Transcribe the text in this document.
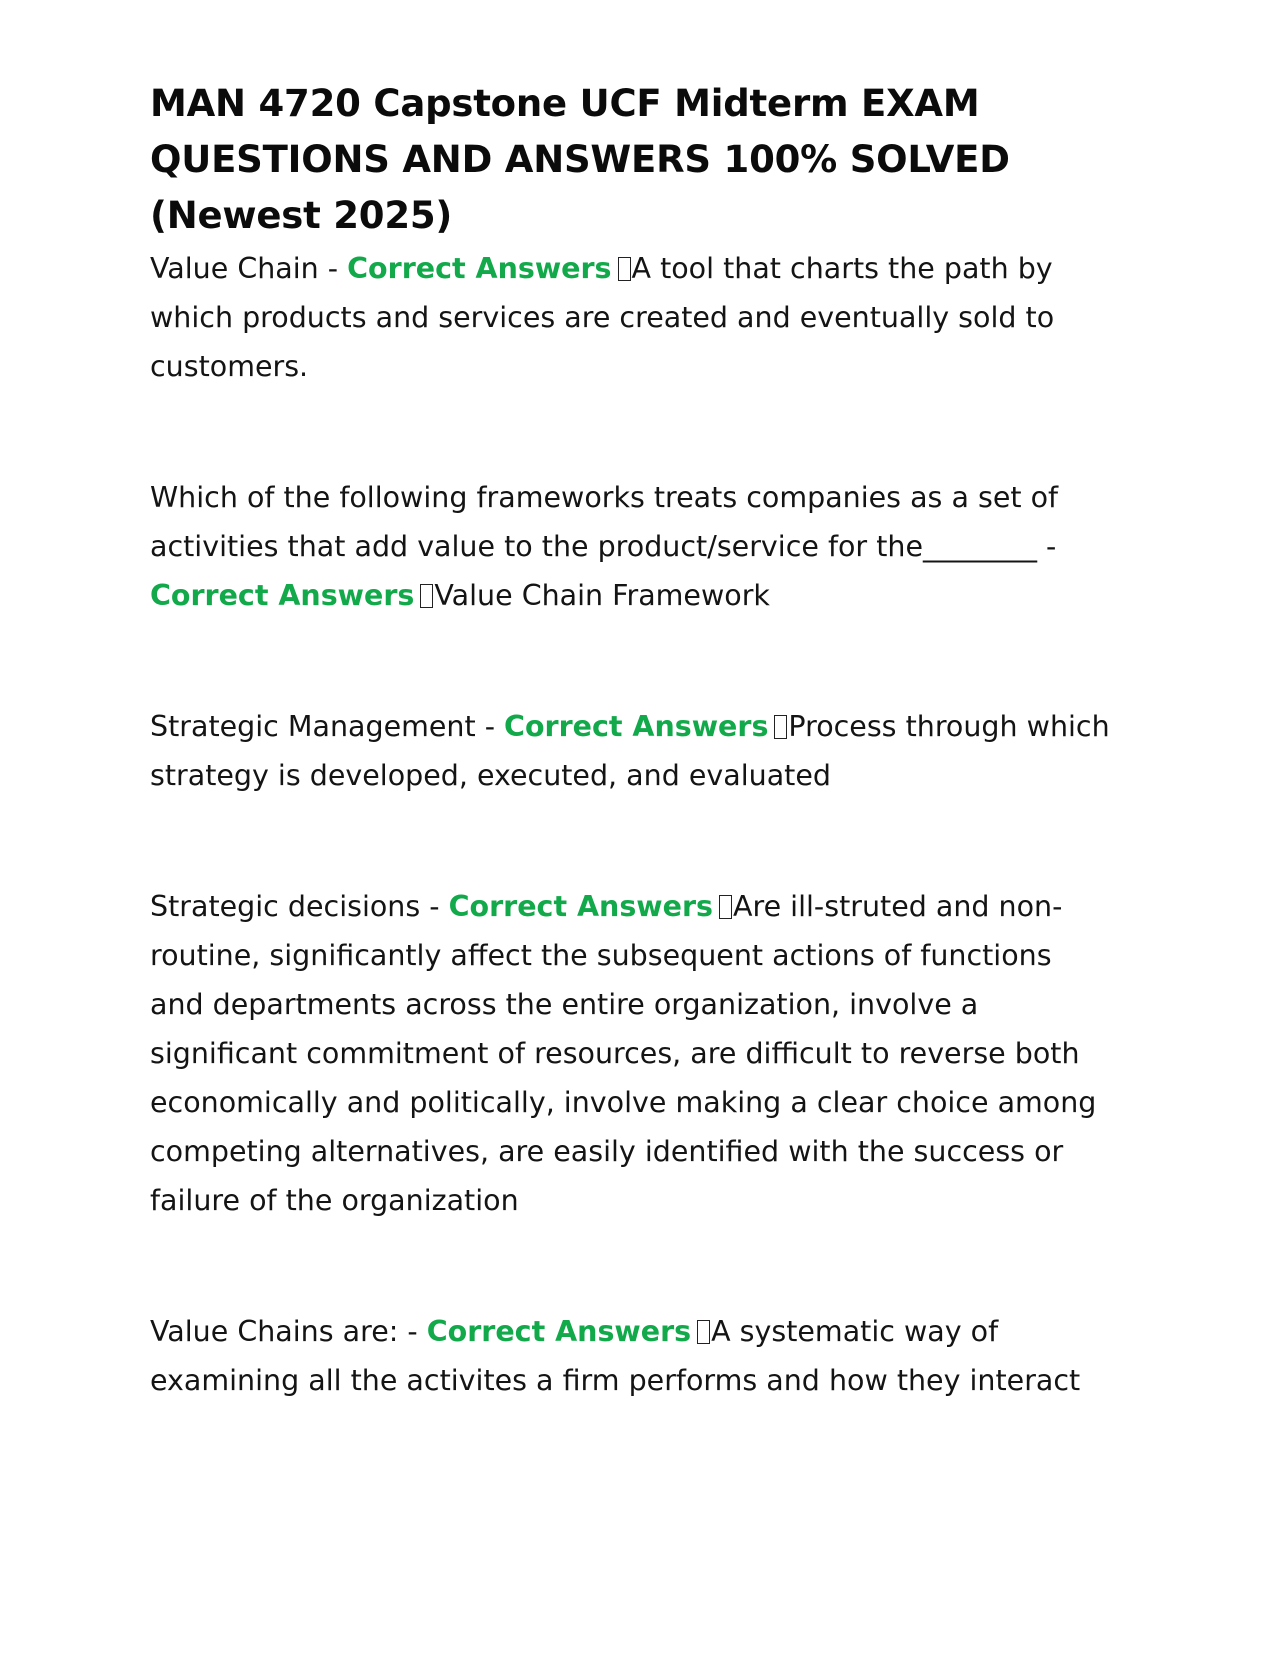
MAN 4720 Capstone UCF Midterm EXAM QUESTIONS AND ANSWERS 100% SOLVED (Newest 2025)

Value Chain - Correct Answers A tool that charts the path by which products and services are created and eventually sold to customers.

Which of the following frameworks treats companies as a set of activities that add value to the product/service for the________ - Correct Answers Value Chain Framework

Strategic Management - Correct Answers Process through which strategy is developed, executed, and evaluated

Strategic decisions - Correct Answers Are ill-struted and non-routine, significantly affect the subsequent actions of functions and departments across the entire organization, involve a significant commitment of resources, are difficult to reverse both economically and politically, involve making a clear choice among competing alternatives, are easily identified with the success or failure of the organization

Value Chains are: - Correct Answers A systematic way of examining all the activites a firm performs and how they interact
